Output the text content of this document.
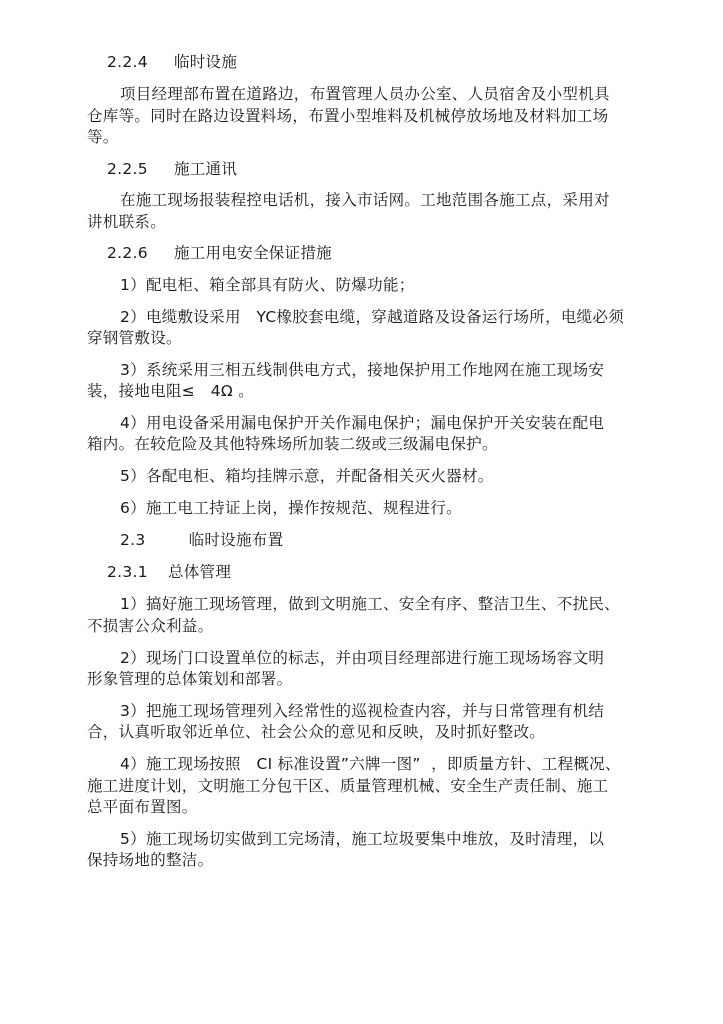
2.2.4 临时设施
项目经理部布置在道路边，布置管理人员办公室、人员宿舍及小型机具
仓库等。同时在路边设置料场，布置小型堆料及机械停放场地及材料加工场
等。
2.2.5 施工通讯
在施工现场报装程控电话机，接入市话网。工地范围各施工点，采用对
讲机联系。
2.2.6 施工用电安全保证措施
1）配电柜、箱全部具有防火、防爆功能；
2）电缆敷设采用   YC橡胶套电缆，穿越道路及设备运行场所，电缆必须
穿钢管敷设。
3）系统采用三相五线制供电方式，接地保护用工作地网在施工现场安
装，接地电阻≤   4Ω 。
4）用电设备采用漏电保护开关作漏电保护；漏电保护开关安装在配电
箱内。在较危险及其他特殊场所加装二级或三级漏电保护。
5）各配电柜、箱均挂牌示意，并配备相关灭火器材。
6）施工电工持证上岗，操作按规范、规程进行。
2.3	临时设施布置
2.3.1 总体管理
1）搞好施工现场管理，做到文明施工、安全有序、整洁卫生、不扰民、
不损害公众利益。
2）现场门口设置单位的标志，并由项目经理部进行施工现场场容文明
形象管理的总体策划和部署。
3）把施工现场管理列入经常性的巡视检查内容，并与日常管理有机结
合，认真听取邻近单位、社会公众的意见和反映，及时抓好整改。
4）施工现场按照   CI 标准设置”六牌一图”  ，即质量方针、工程概况、
施工进度计划，文明施工分包干区、质量管理机械、安全生产责任制、施工
总平面布置图。
5）施工现场切实做到工完场清，施工垃圾要集中堆放，及时清理，以
保持场地的整洁。
